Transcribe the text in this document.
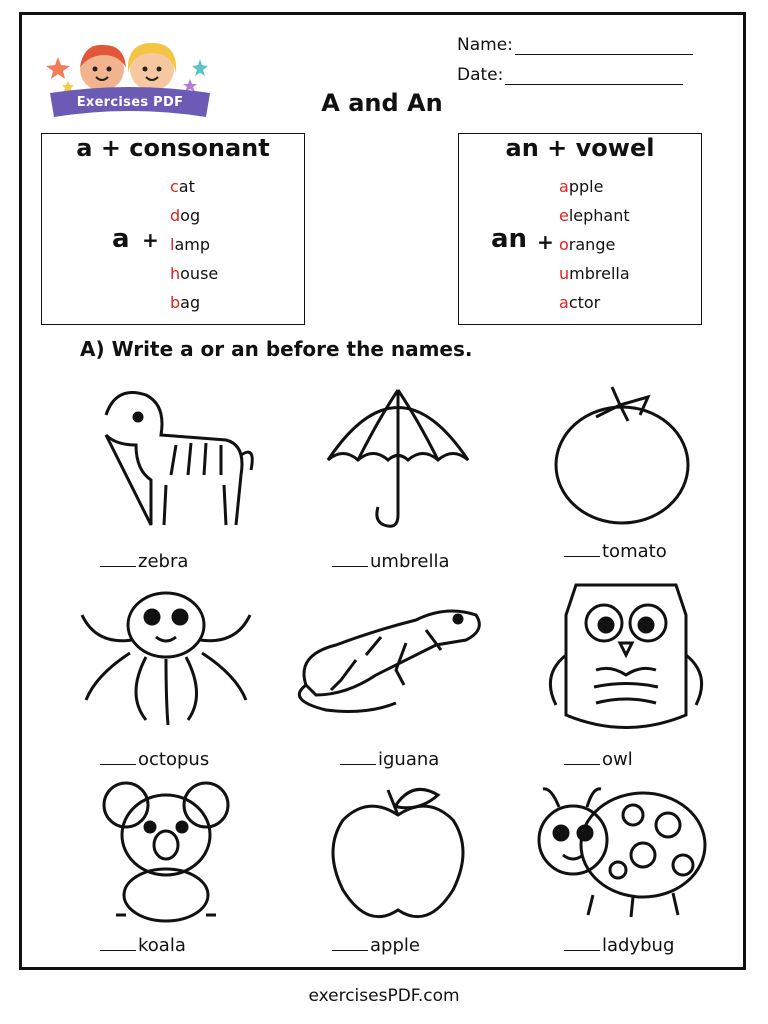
Exercises PDF
Name:
Date:
A and An
a + consonant
a +
cat
dog
lamp
house
bag
an + vowel
an +
apple
elephant
orange
umbrella
actor
A) Write a or an before the names.
zebra	umbrella	tomato
octopus	iguana	owl
koala	apple	ladybug
exercisesPDF.com
